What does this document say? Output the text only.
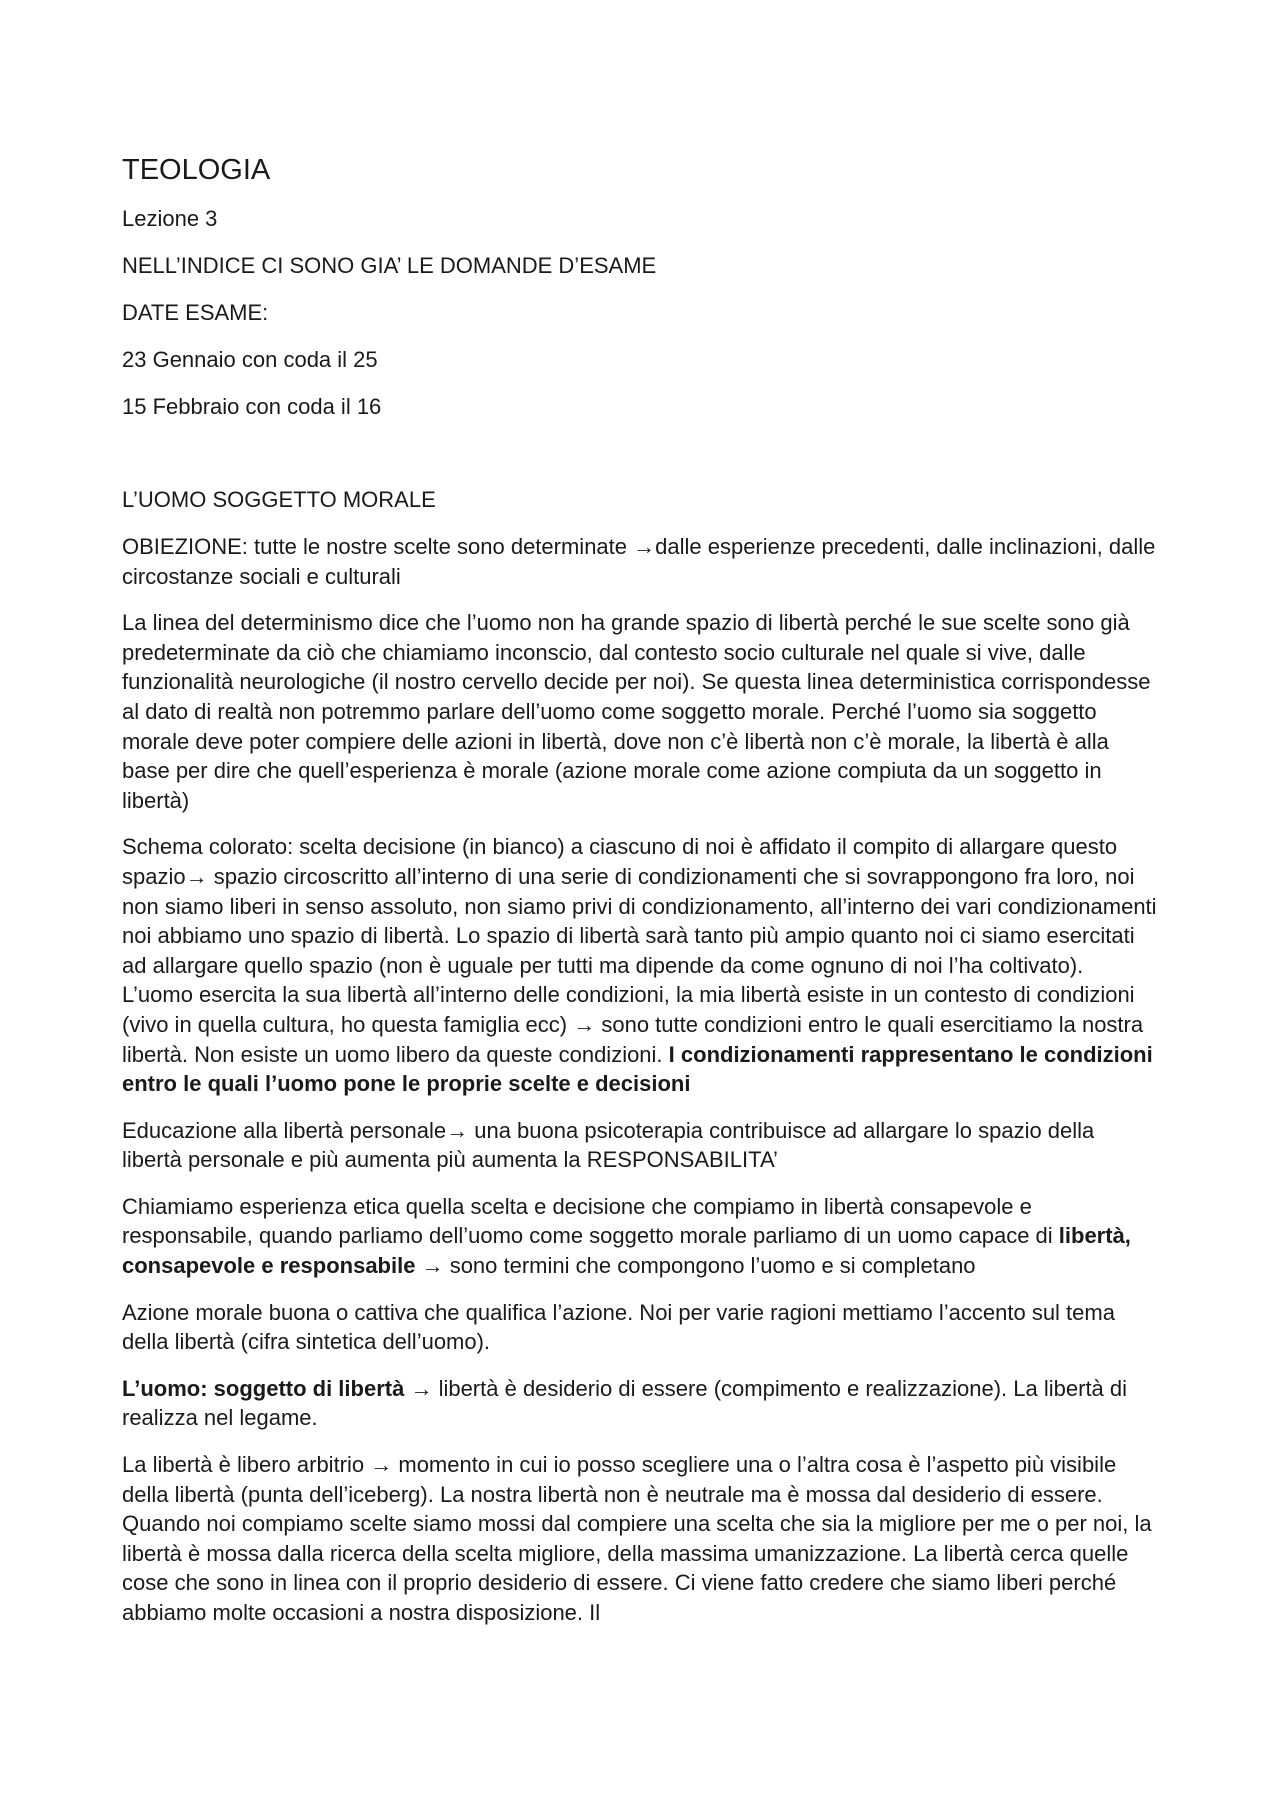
TEOLOGIA
Lezione 3
NELL’INDICE CI SONO GIA’ LE DOMANDE D’ESAME
DATE ESAME:
23 Gennaio con coda il 25
15 Febbraio con coda il 16
L’UOMO SOGGETTO MORALE

OBIEZIONE: tutte le nostre scelte sono determinate →dalle esperienze precedenti, dalle inclinazioni, dalle circostanze sociali e culturali

La linea del determinismo dice che l’uomo non ha grande spazio di libertà perché le sue scelte sono già predeterminate da ciò che chiamiamo inconscio, dal contesto socio culturale nel quale si vive, dalle funzionalità neurologiche (il nostro cervello decide per noi). Se questa linea deterministica corrispondesse al dato di realtà non potremmo parlare dell’uomo come soggetto morale. Perché l’uomo sia soggetto morale deve poter compiere delle azioni in libertà, dove non c’è libertà non c’è morale, la libertà è alla base per dire che quell’esperienza è morale (azione morale come azione compiuta da un soggetto in libertà)

Schema colorato: scelta decisione (in bianco) a ciascuno di noi è affidato il compito di allargare questo spazio→ spazio circoscritto all’interno di una serie di condizionamenti che si sovrappongono fra loro, noi non siamo liberi in senso assoluto, non siamo privi di condizionamento, all’interno dei vari condizionamenti noi abbiamo uno spazio di libertà. Lo spazio di libertà sarà tanto più ampio quanto noi ci siamo esercitati ad allargare quello spazio (non è uguale per tutti ma dipende da come ognuno di noi l’ha coltivato). L’uomo esercita la sua libertà all’interno delle condizioni, la mia libertà esiste in un contesto di condizioni (vivo in quella cultura, ho questa famiglia ecc) → sono tutte condizioni entro le quali esercitiamo la nostra libertà. Non esiste un uomo libero da queste condizioni. I condizionamenti rappresentano le condizioni entro le quali l’uomo pone le proprie scelte e decisioni

Educazione alla libertà personale→ una buona psicoterapia contribuisce ad allargare lo spazio della libertà personale e più aumenta più aumenta la RESPONSABILITA’

Chiamiamo esperienza etica quella scelta e decisione che compiamo in libertà consapevole e responsabile, quando parliamo dell’uomo come soggetto morale parliamo di un uomo capace di libertà, consapevole e responsabile → sono termini che compongono l’uomo e si completano

Azione morale buona o cattiva che qualifica l’azione. Noi per varie ragioni mettiamo l’accento sul tema della libertà (cifra sintetica dell’uomo).

L’uomo: soggetto di libertà → libertà è desiderio di essere (compimento e realizzazione). La libertà di realizza nel legame.

La libertà è libero arbitrio → momento in cui io posso scegliere una o l’altra cosa è l’aspetto più visibile della libertà (punta dell’iceberg). La nostra libertà non è neutrale ma è mossa dal desiderio di essere. Quando noi compiamo scelte siamo mossi dal compiere una scelta che sia la migliore per me o per noi, la libertà è mossa dalla ricerca della scelta migliore, della massima umanizzazione. La libertà cerca quelle cose che sono in linea con il proprio desiderio di essere. Ci viene fatto credere che siamo liberi perché abbiamo molte occasioni a nostra disposizione. Il
